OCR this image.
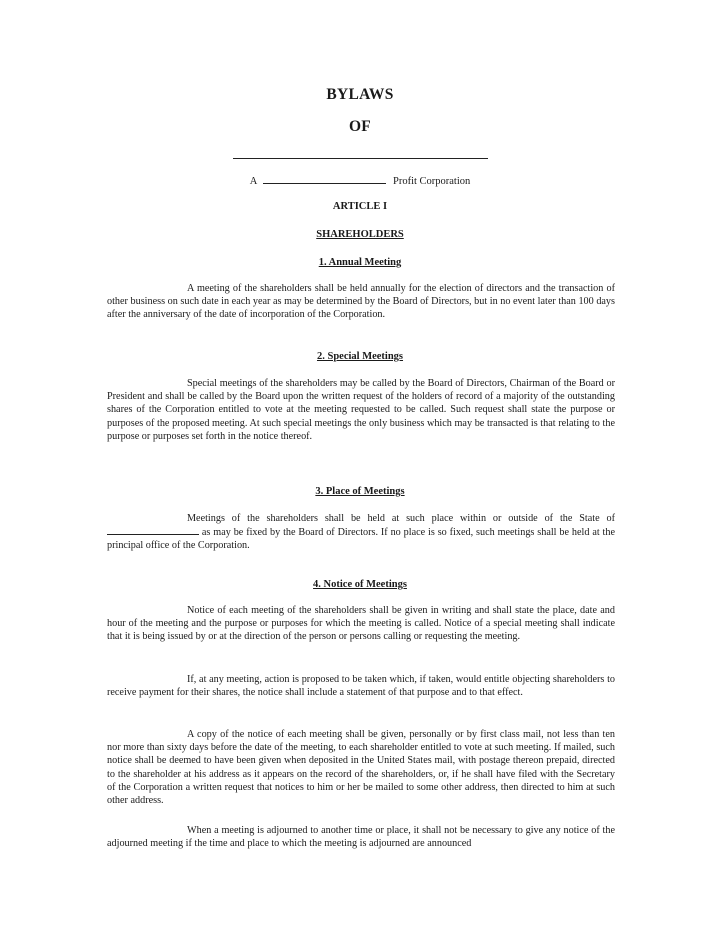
BYLAWS
OF
A	Profit Corporation
ARTICLE I
SHAREHOLDERS
1. Annual Meeting
A meeting of the shareholders shall be held annually for the election of directors and the transaction of other business on such date in each year as may be determined by the Board of Directors, but in no event later than 100 days after the anniversary of the date of incorporation of the Corporation.
2. Special Meetings
Special meetings of the shareholders may be called by the Board of Directors, Chairman of the Board or President and shall be called by the Board upon the written request of the holders of record of a majority of the outstanding shares of the Corporation entitled to vote at the meeting requested to be called. Such request shall state the purpose or purposes of the proposed meeting. At such special meetings the only business which may be transacted is that relating to the purpose or purposes set forth in the notice thereof.
3. Place of Meetings
Meetings of the shareholders shall be held at such place within or outside of the State of  as may be fixed by the Board of Directors. If no place is so fixed, such meetings shall be held at the principal office of the Corporation.
4. Notice of Meetings
Notice of each meeting of the shareholders shall be given in writing and shall state the place, date and hour of the meeting and the purpose or purposes for which the meeting is called. Notice of a special meeting shall indicate that it is being issued by or at the direction of the person or persons calling or requesting the meeting.
If, at any meeting, action is proposed to be taken which, if taken, would entitle objecting shareholders to receive payment for their shares, the notice shall include a statement of that purpose and to that effect.
A copy of the notice of each meeting shall be given, personally or by first class mail, not less than ten nor more than sixty days before the date of the meeting, to each shareholder entitled to vote at such meeting. If mailed, such notice shall be deemed to have been given when deposited in the United States mail, with postage thereon prepaid, directed to the shareholder at his address as it appears on the record of the shareholders, or, if he shall have filed with the Secretary of the Corporation a written request that notices to him or her be mailed to some other address, then directed to him at such other address.
When a meeting is adjourned to another time or place, it shall not be necessary to give any notice of the adjourned meeting if the time and place to which the meeting is adjourned are announced
